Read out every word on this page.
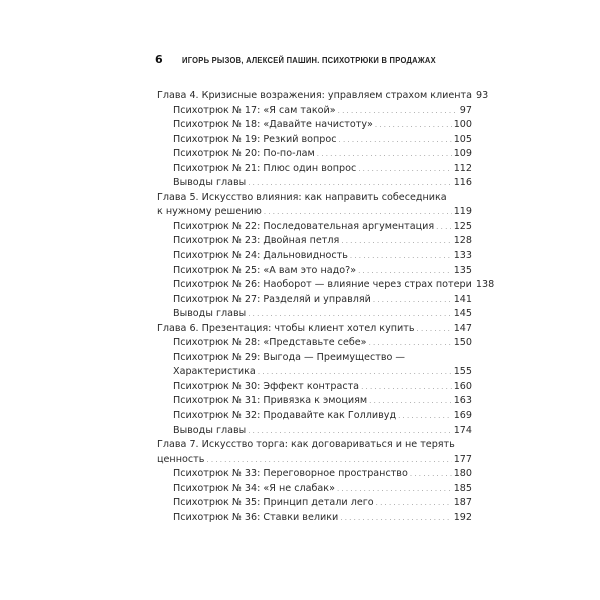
6	ИГОРЬ РЫЗОВ, АЛЕКСЕЙ ПАШИН. ПСИХОТРЮКИ В ПРОДАЖАХ
Глава 4. Кризисные возражения: управляем страхом клиента 93
Психотрюк № 17: «Я сам такой» . . .	97
Психотрюк № 18: «Давайте начистоту» . . .	100
Психотрюк № 19: Резкий вопрос . . .	105
Психотрюк № 20: По-по-лам . . .	109
Психотрюк № 21: Плюс один вопрос . . .	112
Выводы главы . . .	116
Глава 5. Искусство влияния: как направить собеседника
к нужному решению . . .	119
Психотрюк № 22: Последовательная аргументация . . . 125
Психотрюк № 23: Двойная петля . . .	128
Психотрюк № 24: Дальновидность . . .	133
Психотрюк № 25: «А вам это надо?» . . .	135
Психотрюк № 26: Наоборот — влияние через страх потери 138
Психотрюк № 27: Разделяй и управляй . . .	141
Выводы главы . . .	145
Глава 6. Презентация: чтобы клиент хотел купить . . .	147
Психотрюк № 28: «Представьте себе» . . .	150
Психотрюк № 29: Выгода — Преимущество —
Характеристика . . .	155
Психотрюк № 30: Эффект контраста . . .	160
Психотрюк № 31: Привязка к эмоциям . . .	163
Психотрюк № 32: Продавайте как Голливуд . . .	169
Выводы главы . . .	174
Глава 7. Искусство торга: как договариваться и не терять
ценность . . .	177
Психотрюк № 33: Переговорное пространство . . .	180
Психотрюк № 34: «Я не слабак» . . .	185
Психотрюк № 35: Принцип детали лего . . .	187
Психотрюк № 36: Ставки велики . . .	192
